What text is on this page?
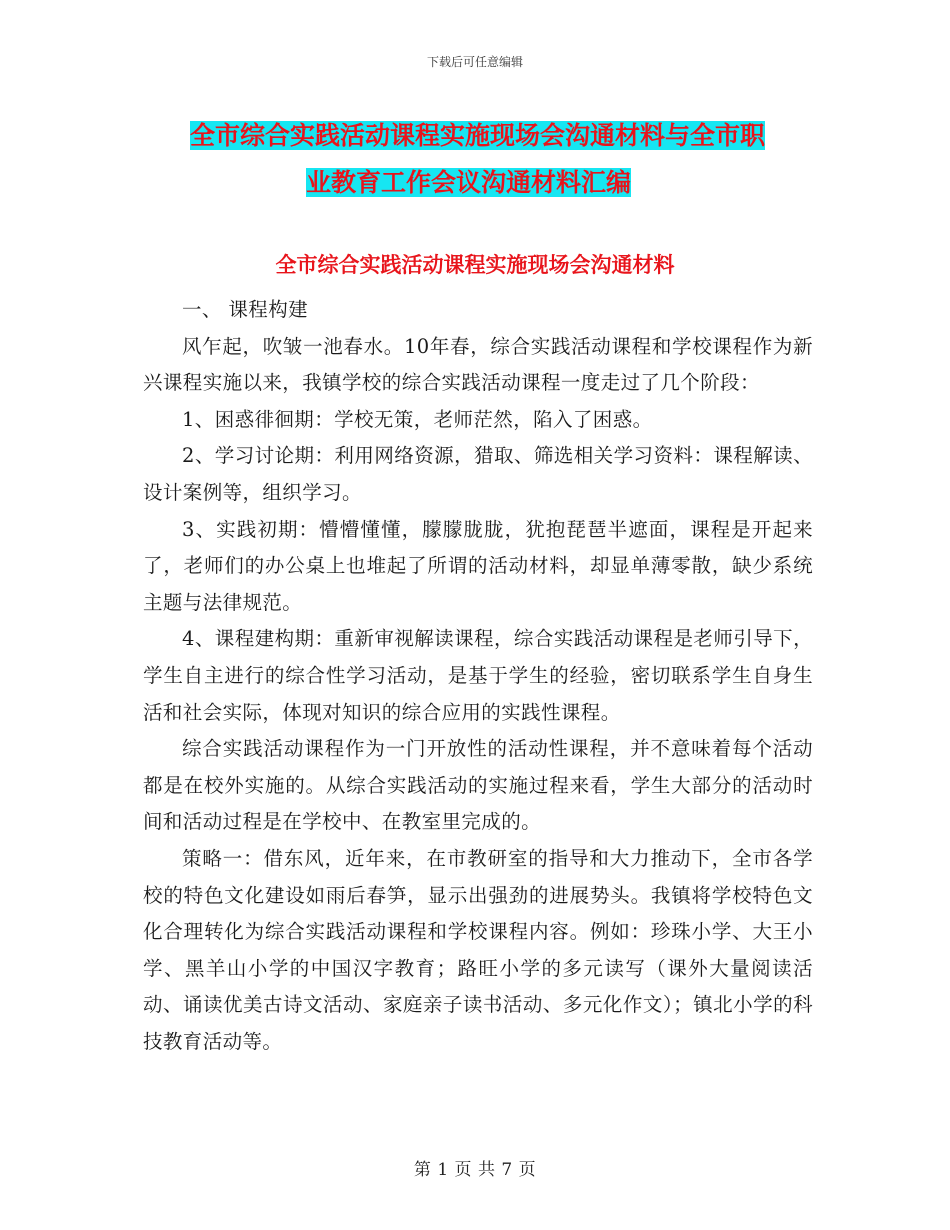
下载后可任意编辑
全市综合实践活动课程实施现场会沟通材料与全市职
业教育工作会议沟通材料汇编
全市综合实践活动课程实施现场会沟通材料

一、 课程构建

风乍起，吹皱一池春水。10年春，综合实践活动课程和学校课程作为新兴课程实施以来，我镇学校的综合实践活动课程一度走过了几个阶段：

1、困惑徘徊期：学校无策，老师茫然，陷入了困惑。

2、学习讨论期：利用网络资源，猎取、筛选相关学习资料：课程解读、设计案例等，组织学习。

3、实践初期：懵懵懂懂，朦朦胧胧，犹抱琵琶半遮面，课程是开起来了，老师们的办公桌上也堆起了所谓的活动材料，却显单薄零散，缺少系统主题与法律规范。

4、课程建构期：重新审视解读课程，综合实践活动课程是老师引导下，学生自主进行的综合性学习活动，是基于学生的经验，密切联系学生自身生活和社会实际，体现对知识的综合应用的实践性课程。

综合实践活动课程作为一门开放性的活动性课程，并不意味着每个活动都是在校外实施的。从综合实践活动的实施过程来看，学生大部分的活动时间和活动过程是在学校中、在教室里完成的。

策略一：借东风，近年来，在市教研室的指导和大力推动下，全市各学校的特色文化建设如雨后春笋，显示出强劲的进展势头。我镇将学校特色文化合理转化为综合实践活动课程和学校课程内容。例如：珍珠小学、大王小学、黑羊山小学的中国汉字教育；路旺小学的多元读写（课外大量阅读活动、诵读优美古诗文活动、家庭亲子读书活动、多元化作文）；镇北小学的科技教育活动等。

第 1 页 共 7 页
